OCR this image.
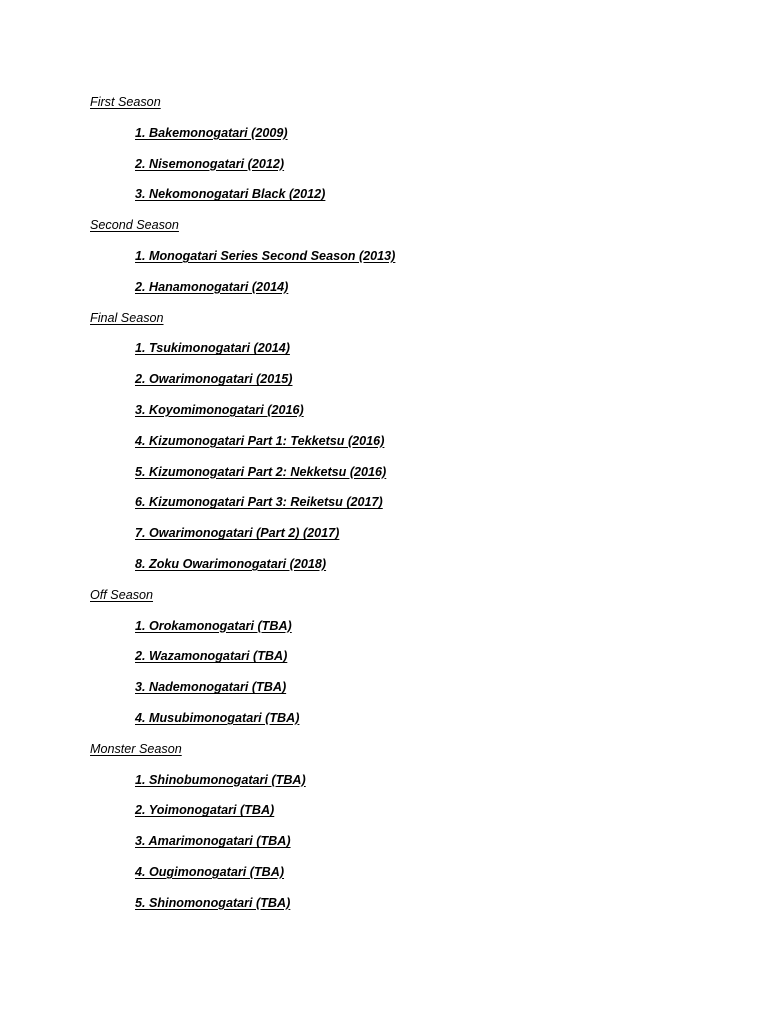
First Season
1. Bakemonogatari (2009)
2. Nisemonogatari (2012)
3. Nekomonogatari Black (2012)
Second Season
1. Monogatari Series Second Season (2013)
2. Hanamonogatari (2014)
Final Season
1. Tsukimonogatari (2014)
2. Owarimonogatari (2015)
3. Koyomimonogatari (2016)
4. Kizumonogatari Part 1: Tekketsu (2016)
5. Kizumonogatari Part 2: Nekketsu (2016)
6. Kizumonogatari Part 3: Reiketsu (2017)
7. Owarimonogatari (Part 2) (2017)
8. Zoku Owarimonogatari (2018)
Off Season
1. Orokamonogatari (TBA)
2. Wazamonogatari (TBA)
3. Nademonogatari (TBA)
4. Musubimonogatari (TBA)
Monster Season
1. Shinobumonogatari (TBA)
2. Yoimonogatari (TBA)
3. Amarimonogatari (TBA)
4. Ougimonogatari (TBA)
5. Shinomonogatari (TBA)
